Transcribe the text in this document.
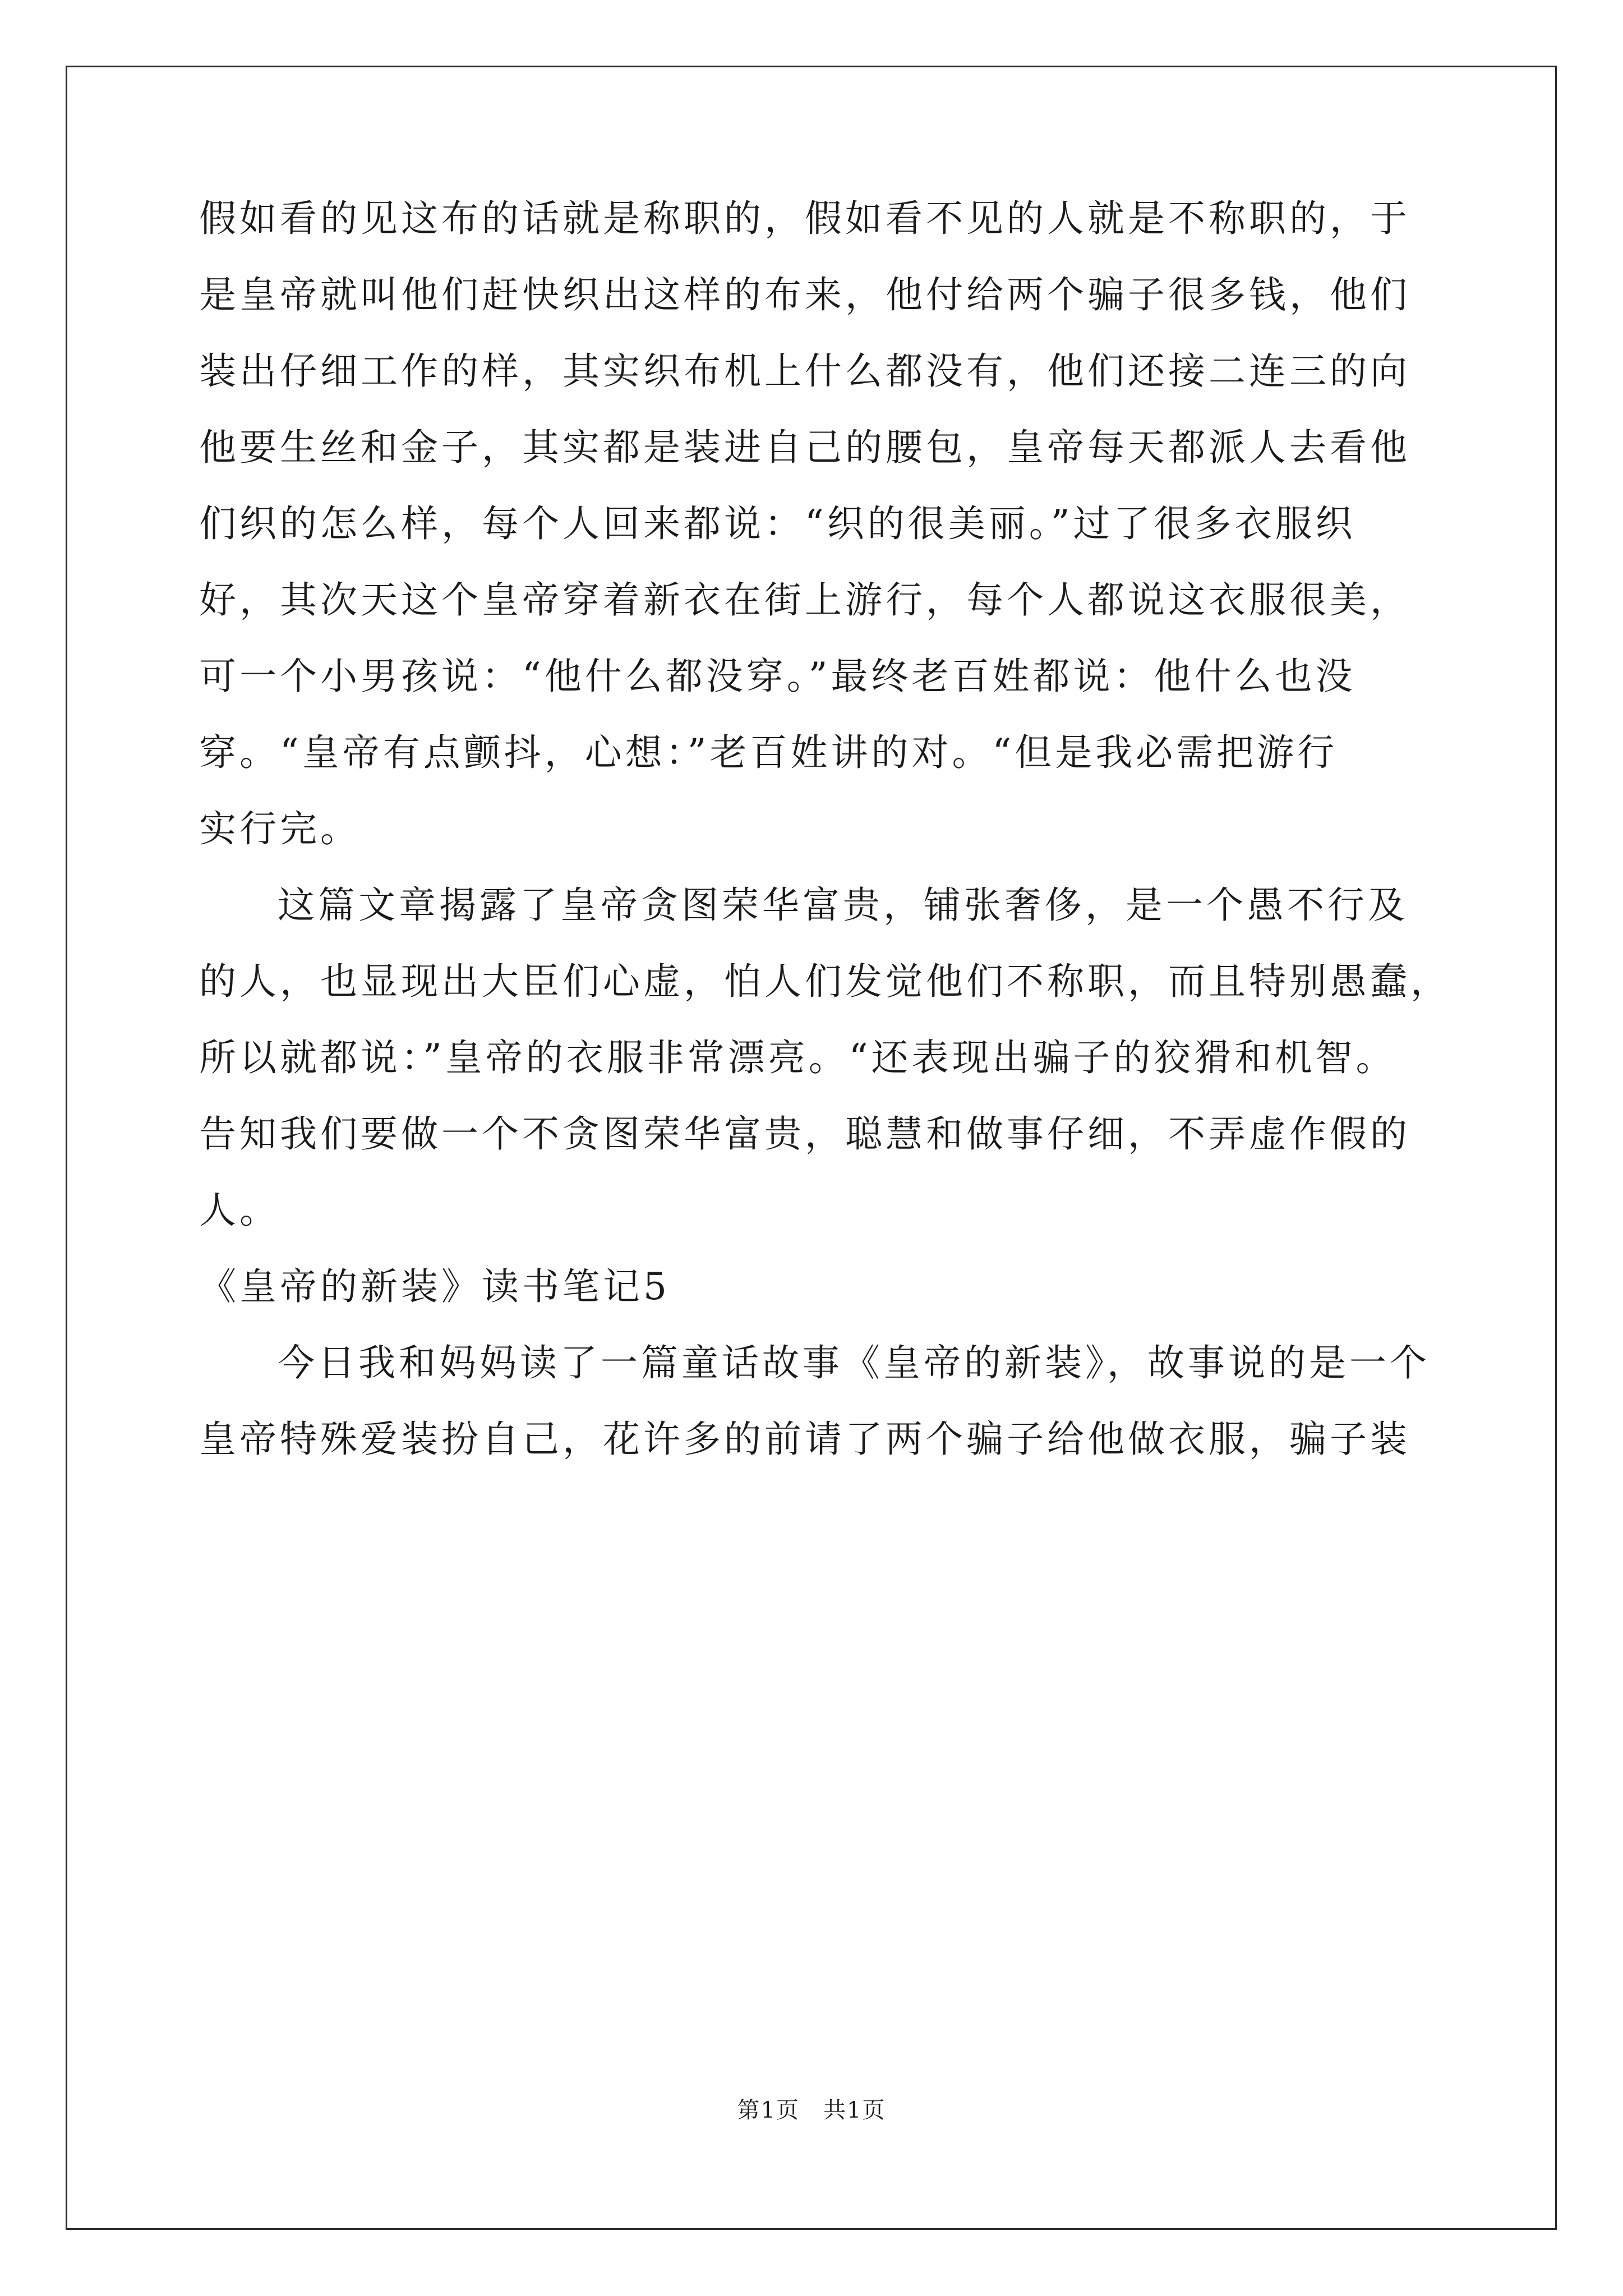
假如看的见这布的话就是称职的，假如看不见的人就是不称职的，于
是皇帝就叫他们赶快织出这样的布来，他付给两个骗子很多钱，他们
装出仔细工作的样，其实织布机上什么都没有，他们还接二连三的向
他要生丝和金子，其实都是装进自己的腰包，皇帝每天都派人去看他
们织的怎么样，每个人回来都说：“织的很美丽。”过了很多衣服织
好，其次天这个皇帝穿着新衣在街上游行，每个人都说这衣服很美，
可一个小男孩说：“他什么都没穿。”最终老百姓都说：他什么也没
穿。“皇帝有点颤抖，心想：”老百姓讲的对。“但是我必需把游行
实行完。
这篇文章揭露了皇帝贪图荣华富贵，铺张奢侈，是一个愚不行及
的人，也显现出大臣们心虚，怕人们发觉他们不称职，而且特别愚蠢，
所以就都说：”皇帝的衣服非常漂亮。“还表现出骗子的狡猾和机智。
告知我们要做一个不贪图荣华富贵，聪慧和做事仔细，不弄虚作假的
人。
《皇帝的新装》读书笔记5
今日我和妈妈读了一篇童话故事《皇帝的新装》，故事说的是一个
皇帝特殊爱装扮自己，花许多的前请了两个骗子给他做衣服，骗子装
第1页　共1页
